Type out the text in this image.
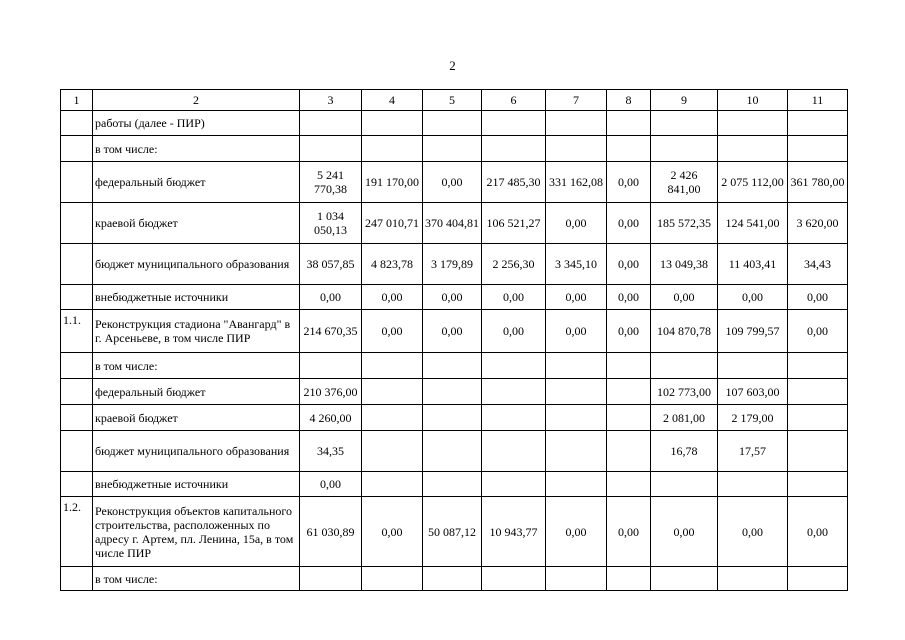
2
1	2	3	4	5	6	7	8	9	10	11
	работы (далее - ПИР)									
	в том числе:									
	федеральный бюджет	5 241 770,38	191 170,00	0,00	217 485,30	331 162,08	0,00	2 426 841,00	2 075 112,00	361 780,00
	краевой бюджет	1 034 050,13	247 010,71	370 404,81	106 521,27	0,00	0,00	185 572,35	124 541,00	3 620,00
	бюджет муниципального образования	38 057,85	4 823,78	3 179,89	2 256,30	3 345,10	0,00	13 049,38	11 403,41	34,43
	внебюджетные источники	0,00	0,00	0,00	0,00	0,00	0,00	0,00	0,00	0,00
1.1.	Реконструкция стадиона "Авангард" в г. Арсеньеве, в том числе ПИР	214 670,35	0,00	0,00	0,00	0,00	0,00	104 870,78	109 799,57	0,00
	в том числе:									
	федеральный бюджет	210 376,00						102 773,00	107 603,00	
	краевой бюджет	4 260,00						2 081,00	2 179,00	
	бюджет муниципального образования	34,35						16,78	17,57	
	внебюджетные источники	0,00								
1.2.	Реконструкция объектов капитального строительства, расположенных по адресу г. Артем, пл. Ленина, 15а, в том числе ПИР	61 030,89	0,00	50 087,12	10 943,77	0,00	0,00	0,00	0,00	0,00
	в том числе:									
